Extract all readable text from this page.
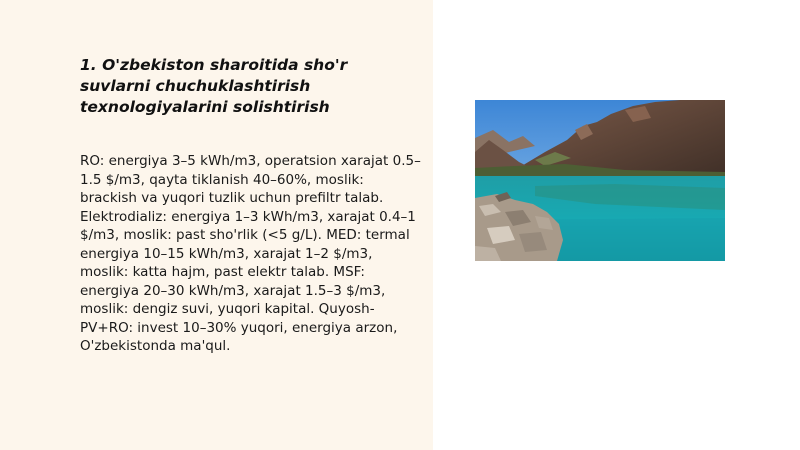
1. O'zbekiston sharoitida sho'r suvlarni chuchuklashtirish texnologiyalarini solishtirish

RO: energiya 3–5 kWh/m3, operatsion xarajat 0.5–1.5 $/m3, qayta tiklanish 40–60%, moslik: brackish va yuqori tuzlik uchun prefiltr talab. Elektrodializ: energiya 1–3 kWh/m3, xarajat 0.4–1 $/m3, moslik: past sho'rlik (<5 g/L). MED: termal energiya 10–15 kWh/m3, xarajat 1–2 $/m3, moslik: katta hajm, past elektr talab. MSF: energiya 20–30 kWh/m3, xarajat 1.5–3 $/m3, moslik: dengiz suvi, yuqori kapital. Quyosh-PV+RO: invest 10–30% yuqori, energiya arzon, O'zbekistonda ma'qul.
